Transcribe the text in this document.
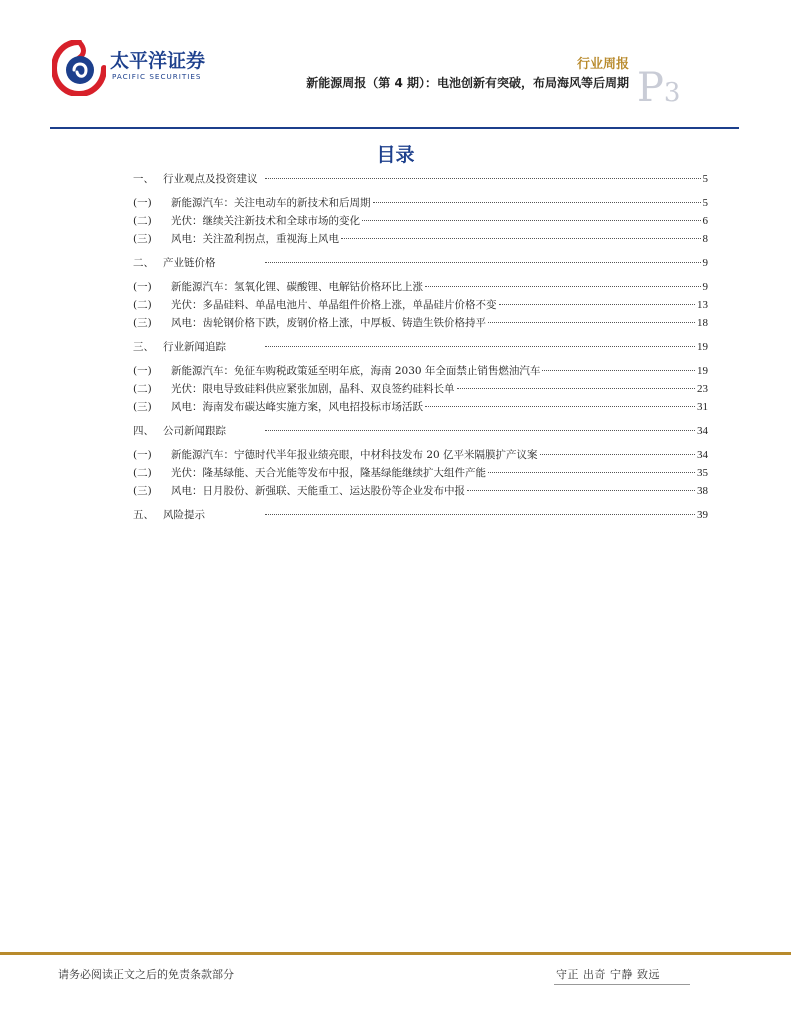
太平洋证券
PACIFIC SECURITIES
行业周报
新能源周报（第 4 期）：电池创新有突破，布局海风等后周期 P3
目录
一、 行业观点及投资建议	5
(一)	新能源汽车：关注电动车的新技术和后周期	5
(二)	光伏：继续关注新技术和全球市场的变化	6
(三)	风电：关注盈利拐点，重视海上风电	8
二、 产业链价格	9
(一)	新能源汽车：氢氧化锂、碳酸锂、电解钴价格环比上涨	9
(二)	光伏：多晶硅料、单晶电池片、单晶组件价格上涨，单晶硅片价格不变	13
(三)	风电：齿轮钢价格下跌，废钢价格上涨，中厚板、铸造生铁价格持平	18
三、 行业新闻追踪	19
(一)	新能源汽车：免征车购税政策延至明年底，海南 2030 年全面禁止销售燃油汽车	19
(二)	光伏：限电导致硅料供应紧张加剧，晶科、双良签约硅料长单	23
(三)	风电：海南发布碳达峰实施方案，风电招投标市场活跃	31
四、 公司新闻跟踪	34
(一)	新能源汽车：宁德时代半年报业绩亮眼，中材科技发布 20 亿平米隔膜扩产议案	34
(二)	光伏：隆基绿能、天合光能等发布中报，隆基绿能继续扩大组件产能	35
(三)	风电：日月股份、新强联、天能重工、运达股份等企业发布中报	38
五、 风险提示	39
请务必阅读正文之后的免责条款部分	守正 出奇 宁静 致远
